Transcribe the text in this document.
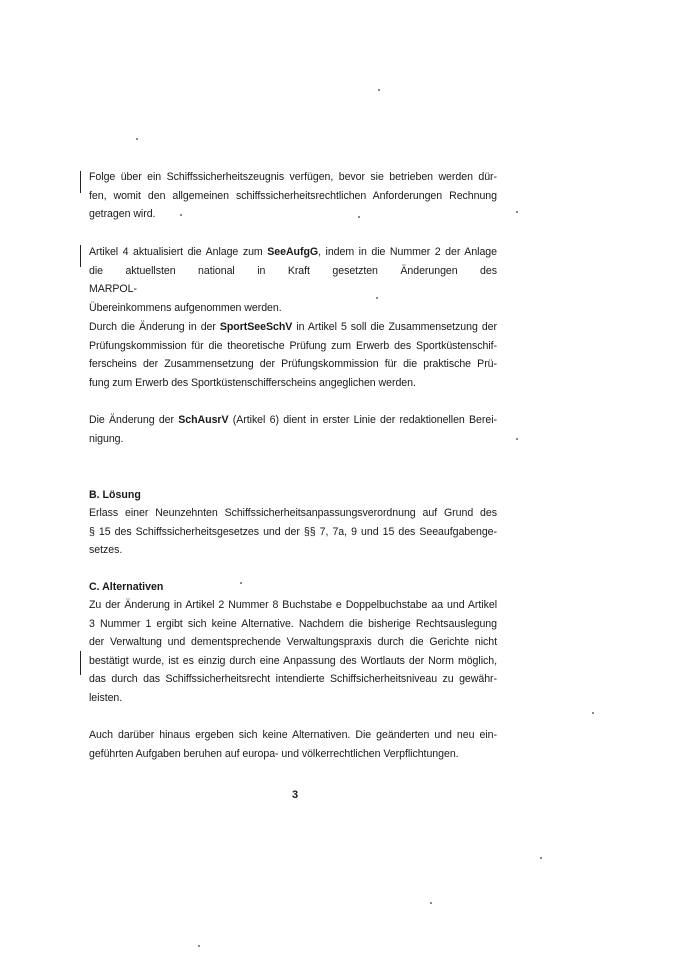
Folge über ein Schiffssicherheitszeugnis verfügen, bevor sie betrieben werden dür-
fen, womit den allgemeinen schiffssicherheitsrechtlichen Anforderungen Rechnung
getragen wird.
Artikel 4 aktualisiert die Anlage zum SeeAufgG, indem in die Nummer 2 der Anlage
die aktuellsten national in Kraft gesetzten Änderungen des MARPOL-
Übereinkommens aufgenommen werden.
Durch die Änderung in der SportSeeSchV in Artikel 5 soll die Zusammensetzung der
Prüfungskommission für die theoretische Prüfung zum Erwerb des Sportküstenschif-
ferscheins der Zusammensetzung der Prüfungskommission für die praktische Prü-
fung zum Erwerb des Sportküstenschifferscheins angeglichen werden.
Die Änderung der SchAusrV (Artikel 6) dient in erster Linie der redaktionellen Berei-
nigung.
B. Lösung
Erlass einer Neunzehnten Schiffssicherheitsanpassungsverordnung auf Grund des
§ 15 des Schiffssicherheitsgesetzes und der §§ 7, 7a, 9 und 15 des Seeaufgabenge-
setzes.
C. Alternativen
Zu der Änderung in Artikel 2 Nummer 8 Buchstabe e Doppelbuchstabe aa und Artikel
3 Nummer 1 ergibt sich keine Alternative. Nachdem die bisherige Rechtsauslegung
der Verwaltung und dementsprechende Verwaltungspraxis durch die Gerichte nicht
bestätigt wurde, ist es einzig durch eine Anpassung des Wortlauts der Norm möglich,
das durch das Schiffssicherheitsrecht intendierte Schiffsicherheitsniveau zu gewähr-
leisten.
Auch darüber hinaus ergeben sich keine Alternativen. Die geänderten und neu ein-
geführten Aufgaben beruhen auf europa- und völkerrechtlichen Verpflichtungen.
3
